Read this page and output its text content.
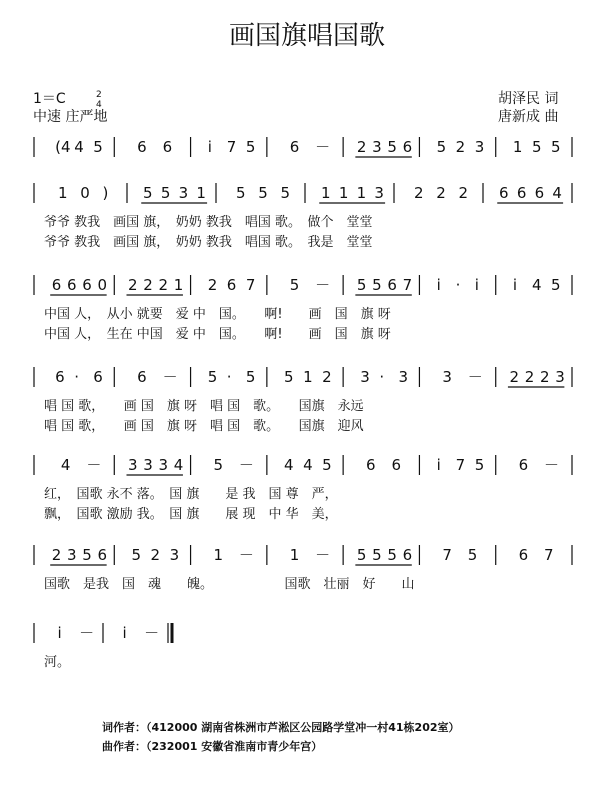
画国旗唱国歌
1＝C	2
4
中速 庄严地
胡泽民 词
唐新成 曲
(4 4 5 6 6 i 7 5 6 － 2 3 5 6 5 2 3 1 5 5
1 0 ) 5 5 3 1 5 5 5 1 1 1 3 2 2 2 6 6 6 4
爷爷 教我　画国 旗，　奶奶 教我　唱国 歌。　做个　堂堂
爷爷 教我　画国 旗，　奶奶 教我　唱国 歌。　我是　堂堂
6 6 6 0 2 2 2 1 2 6 7 5 － 5 5 6 7 i · i i 4 5
中国 人，　从小 就要　爱 中　国。　　啊!　　画　国　旗 呀
中国 人，　生在 中国　爱 中　国。　　啊!　　画　国　旗 呀
6 · 6 6 － 5 · 5 5 1 2 3 · 3 3 － 2 2 2 3
唱 国 歌，　　画 国　旗 呀　唱 国　歌。　　国旗　永远
唱 国 歌，　　画 国　旗 呀　唱 国　歌。　　国旗　迎风
4 － 3 3 3 4 5 － 4 4 5 6 6 i 7 5 6 －
红，　国歌 永不 落。　国 旗　　是 我　国 尊　严，
飘，　国歌 激励 我。　国 旗　　展 现　中 华　美，
2 3 5 6 5 2 3 1 － 1 － 5 5 5 6 7 5	6 7
国歌　是我　国　魂　　魄。　　　　　　国歌　壮丽　好　　山
i － i －
河。
词作者：（412000 湖南省株洲市芦淞区公园路学堂冲一村41栋202室）
曲作者：（232001 安徽省淮南市青少年宫）
